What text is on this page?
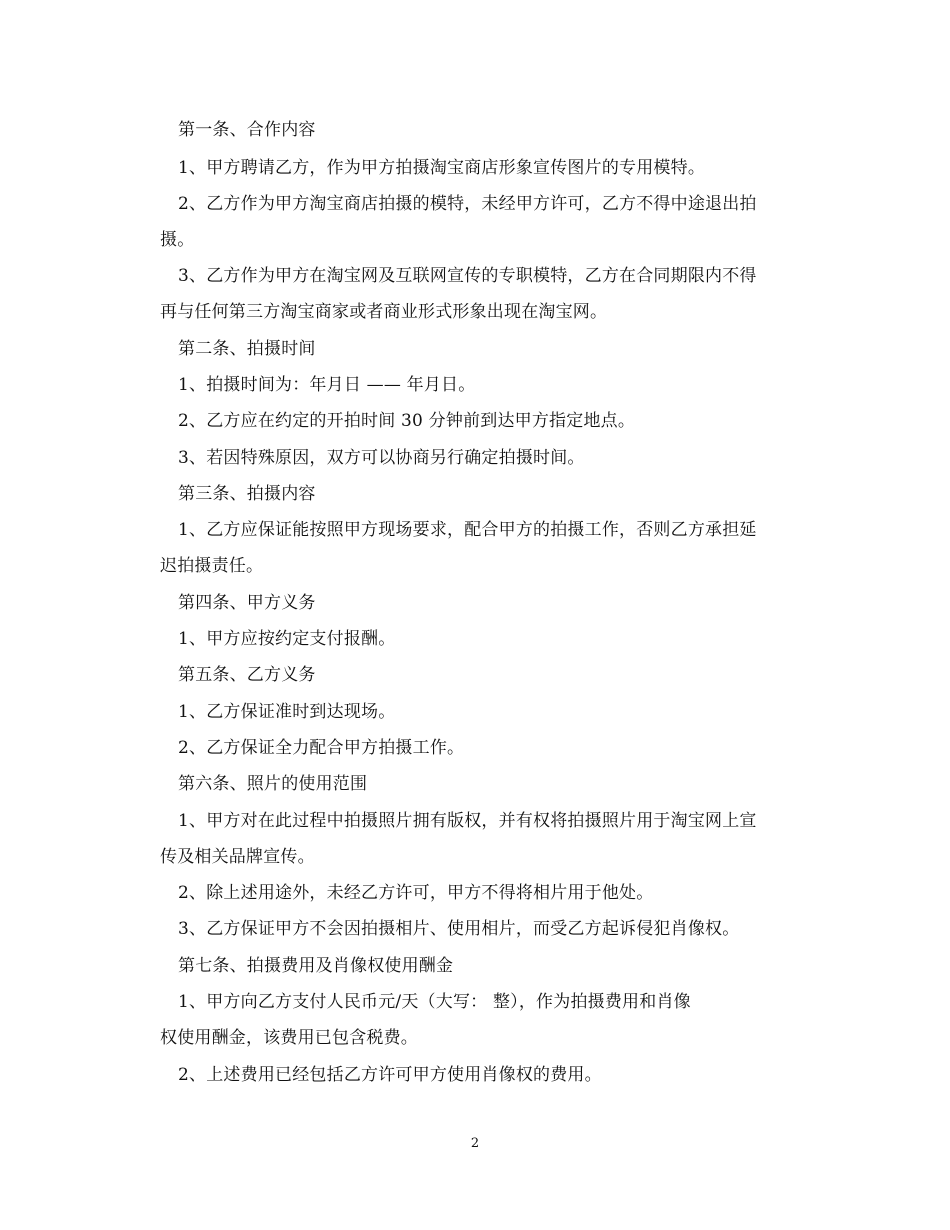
第一条、合作内容
1、甲方聘请乙方，作为甲方拍摄淘宝商店形象宣传图片的专用模特。
2、乙方作为甲方淘宝商店拍摄的模特，未经甲方许可，乙方不得中途退出拍
摄。
3、乙方作为甲方在淘宝网及互联网宣传的专职模特，乙方在合同期限内不得
再与任何第三方淘宝商家或者商业形式形象出现在淘宝网。
第二条、拍摄时间
1、拍摄时间为：年月日 —— 年月日。
2、乙方应在约定的开拍时间 30 分钟前到达甲方指定地点。
3、若因特殊原因，双方可以协商另行确定拍摄时间。
第三条、拍摄内容
1、乙方应保证能按照甲方现场要求，配合甲方的拍摄工作，否则乙方承担延
迟拍摄责任。
第四条、甲方义务
1、甲方应按约定支付报酬。
第五条、乙方义务
1、乙方保证准时到达现场。
2、乙方保证全力配合甲方拍摄工作。
第六条、照片的使用范围
1、甲方对在此过程中拍摄照片拥有版权，并有权将拍摄照片用于淘宝网上宣
传及相关品牌宣传。
2、除上述用途外，未经乙方许可，甲方不得将相片用于他处。
3、乙方保证甲方不会因拍摄相片、使用相片，而受乙方起诉侵犯肖像权。
第七条、拍摄费用及肖像权使用酬金
1、甲方向乙方支付人民币元/天（大写： 整），作为拍摄费用和肖像
权使用酬金，该费用已包含税费。
2、上述费用已经包括乙方许可甲方使用肖像权的费用。
2
